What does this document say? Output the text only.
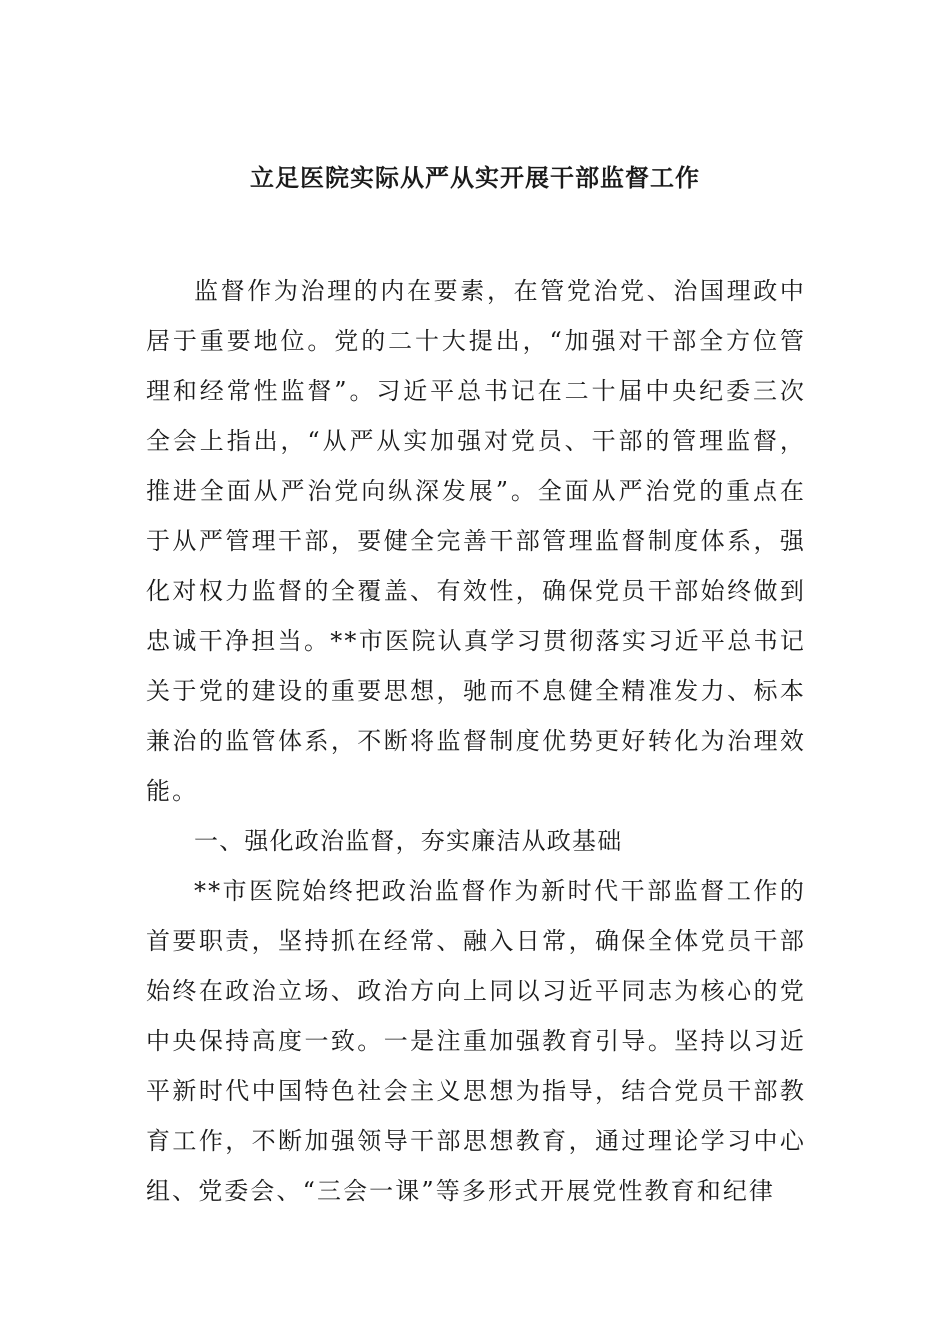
立足医院实际从严从实开展干部监督工作

监督作为治理的内在要素，在管党治党、治国理政中居于重要地位。党的二十大提出，“加强对干部全方位管理和经常性监督”。习近平总书记在二十届中央纪委三次全会上指出，“从严从实加强对党员、干部的管理监督，推进全面从严治党向纵深发展”。全面从严治党的重点在于从严管理干部，要健全完善干部管理监督制度体系，强化对权力监督的全覆盖、有效性，确保党员干部始终做到忠诚干净担当。**市医院认真学习贯彻落实习近平总书记关于党的建设的重要思想，驰而不息健全精准发力、标本兼治的监管体系，不断将监督制度优势更好转化为治理效能。

一、强化政治监督，夯实廉洁从政基础

**市医院始终把政治监督作为新时代干部监督工作的首要职责，坚持抓在经常、融入日常，确保全体党员干部始终在政治立场、政治方向上同以习近平同志为核心的党中央保持高度一致。一是注重加强教育引导。坚持以习近平新时代中国特色社会主义思想为指导，结合党员干部教育工作，不断加强领导干部思想教育，通过理论学习中心组、党委会、“三会一课”等多形式开展党性教育和纪律
